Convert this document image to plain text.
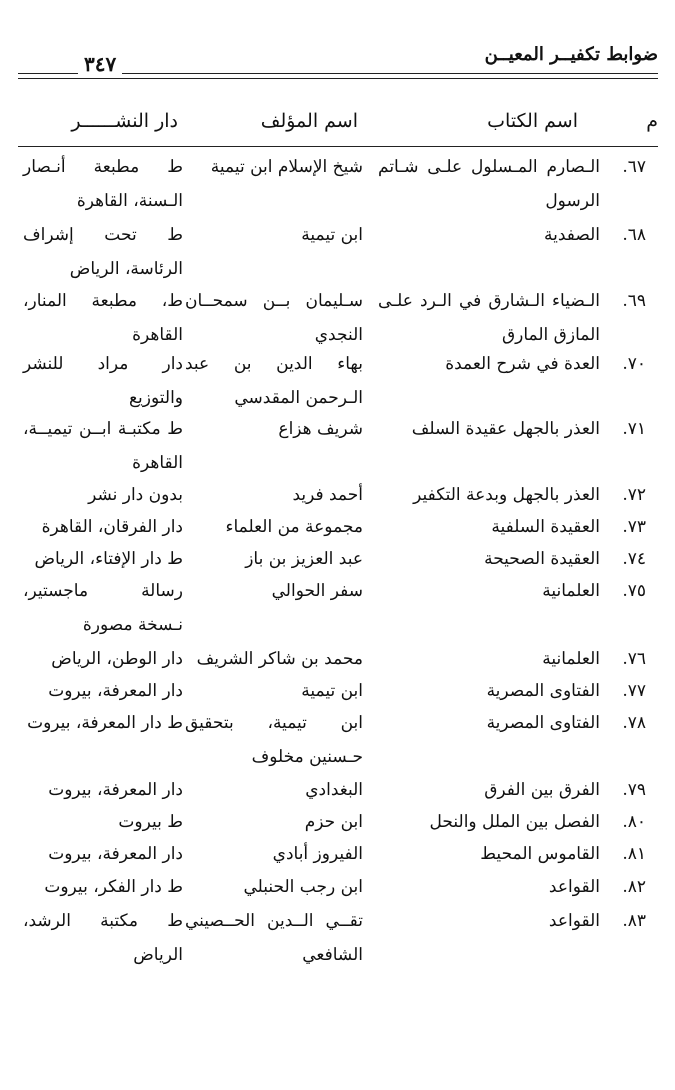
ضوابط تكفيــر المعيــن
٣٤٧
م
اسم الكتاب
اسم المؤلف
دار النشــــــر
٦٧.
الـصارم المـسلول علـى شـاتم الرسول
شيخ الإسلام ابن تيمية
ط مطبعة أنـصار الـسنة، القاهرة
٦٨.
الصفدية
ابن تيمية
ط تحت إشراف الرئاسة، الرياض
٦٩.
الـضياء الـشارق في الـرد علـى المازق المارق
سـليمان بــن سمحــان النجدي
ط، مطبعة المنار، القاهرة
٧٠.
العدة في شرح العمدة
بهاء الدين بن عبد الـرحمن المقدسي
دار مراد للنشر والتوزيع
٧١.
العذر بالجهل عقيدة السلف
شريف هزاع
ط مكتبـة ابــن تيميــة، القاهرة
٧٢.
العذر بالجهل وبدعة التكفير
أحمد فريد
بدون دار نشر
٧٣.
العقيدة السلفية
مجموعة من العلماء
دار الفرقان، القاهرة
٧٤.
العقيدة الصحيحة
عبد العزيز بن باز
ط دار الإفتاء، الرياض
٧٥.
العلمانية
سفر الحوالي
رسالة ماجستير، نـسخة مصورة
٧٦.
العلمانية
محمد بن شاكر الشريف
دار الوطن، الرياض
٧٧.
الفتاوى المصرية
ابن تيمية
دار المعرفة، بيروت
٧٨.
الفتاوى المصرية
ابن تيمية، بتحقيق حـسنين مخلوف
ط دار المعرفة، بيروت
٧٩.
الفرق بين الفرق
البغدادي
دار المعرفة، بيروت
٨٠.
الفصل بين الملل والنحل
ابن حزم
ط بيروت
٨١.
القاموس المحيط
الفيروز أبادي
دار المعرفة، بيروت
٨٢.
القواعد
ابن رجب الحنبلي
ط دار الفكر، بيروت
٨٣.
القواعد
تقــي الــدين الحــصيني الشافعي
ط مكتبة الرشد، الرياض
